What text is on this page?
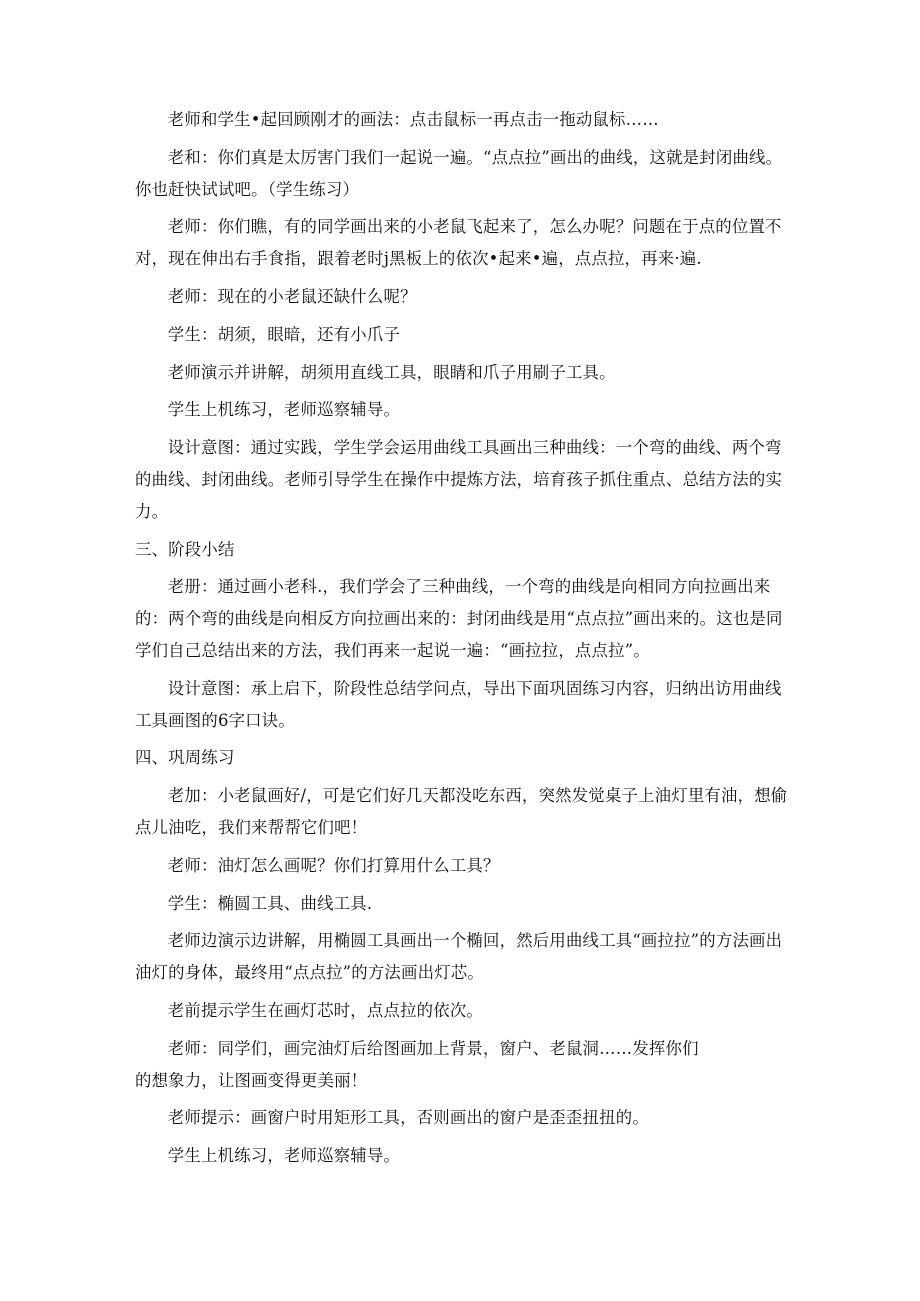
老师和学生•起回顾刚才的画法：点击鼠标一再点击一拖动鼠标……

老和：你们真是太厉害门我们一起说一遍。“点点拉”画出的曲线，这就是封闭曲线。你也赶快试试吧。（学生练习）

老师：你们瞧，有的同学画出来的小老鼠飞起来了，怎么办呢？问题在于点的位置不对，现在伸出右手食指，跟着老时j黑板上的依次•起来•遍，点点拉，再来·遍.

老师：现在的小老鼠还缺什么呢？

学生：胡须，眼暗，还有小爪子

老师演示并讲解，胡须用直线工具，眼睛和爪子用刷子工具。

学生上机练习，老师巡察辅导。

设计意图：通过实践，学生学会运用曲线工具画出三种曲线：一个弯的曲线、两个弯的曲线、封闭曲线。老师引导学生在操作中提炼方法，培育孩子抓住重点、总结方法的实力。

三、阶段小结

老册：通过画小老科.，我们学会了三种曲线，一个弯的曲线是向相同方向拉画出来的：两个弯的曲线是向相反方向拉画出来的：封闭曲线是用“点点拉”画出来的。这也是同学们自己总结出来的方法，我们再来一起说一遍：“画拉拉，点点拉”。

设计意图：承上启下，阶段性总结学问点，导出下面巩固练习内容，归纳出访用曲线工具画图的6字口诀。

四、巩周练习

老加：小老鼠画好/，可是它们好几天都没吃东西，突然发觉桌子上油灯里有油，想偷点儿油吃，我们来帮帮它们吧！

老师：油灯怎么画呢？你们打算用什么工具？

学生：椭圆工具、曲线工具.

老师边演示边讲解，用椭圆工具画出一个椭回，然后用曲线工具“画拉拉”的方法画出油灯的身体，最终用“点点拉”的方法画出灯芯。

老前提示学生在画灯芯时，点点拉的依次。

老师：同学们，画完油灯后给图画加上背景，窗户、老鼠洞……发挥你们

的想象力，让图画变得更美丽！

老师提示：画窗户时用矩形工具，否则画出的窗户是歪歪扭扭的。

学生上机练习，老师巡察辅导。
